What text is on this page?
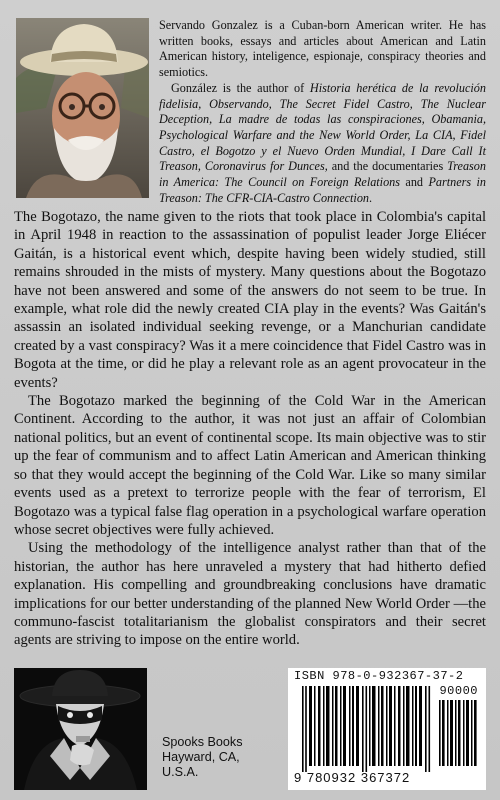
Servando Gonzalez is a Cuban-born American writer. He has written books, essays and articles about American and Latin American history, inteligence, espionaje, conspiracy theories and semiotics.

González is the author of Historia herética de la revolución fidelisia, Observando, The Secret Fidel Castro, The Nuclear Deception, La madre de todas las conspiraciones, Obamania, Psychological Warfare and the New World Order, La CIA, Fidel Castro, el Bogotzo y el Nuevo Orden Mundial, I Dare Call It Treason, Coronavirus for Dunces, and the documentaries Treason in America: The Council on Foreign Relations and Partners in Treason: The CFR-CIA-Castro Connection.

The Bogotazo, the name given to the riots that took place in Colombia's capital in April 1948 in reaction to the assassination of populist leader Jorge Eliécer Gaitán, is a historical event which, despite having been widely studied, still remains shrouded in the mists of mystery. Many questions about the Bogotazo have not been answered and some of the answers do not seem to be true. In example, what role did the newly created CIA play in the events? Was Gaitán's assassin an isolated individual seeking revenge, or a Manchurian candidate created by a vast conspiracy? Was it a mere coincidence that Fidel Castro was in Bogota at the time, or did he play a relevant role as an agent provocateur in the events?

The Bogotazo marked the beginning of the Cold War in the American Continent. According to the author, it was not just an affair of Colombian national politics, but an event of continental scope. Its main objective was to stir up the fear of communism and to affect Latin American and American thinking so that they would accept the beginning of the Cold War. Like so many similar events used as a pretext to terrorize people with the fear of terrorism, El Bogotazo was a typical false flag operation in a psychological warfare operation whose secret objectives were fully achieved.

Using the methodology of the intelligence analyst rather than that of the historian, the author has here unraveled a mystery that had hitherto defied explanation. His compelling and groundbreaking conclusions have dramatic implications for our better understanding of the planned New World Order —the communo-fascist totalitarianism the globalist conspirators and their secret agents are striving to impose on the entire world.

Spooks Books
Hayward, CA,
U.S.A.
ISBN 978-0-932367-37-2
90000
9 780932 367372
